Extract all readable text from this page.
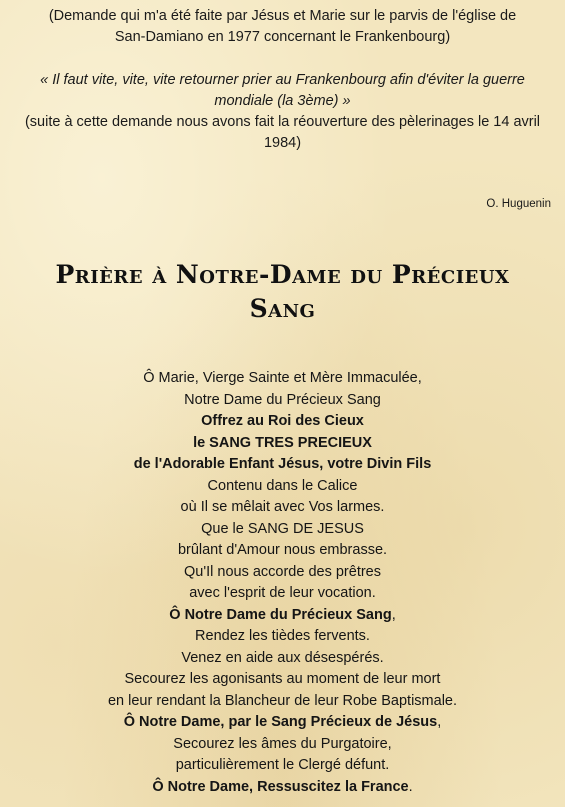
(Demande qui m'a été faite par Jésus et Marie sur le parvis de l'église de
San-Damiano en 1977 concernant le Frankenbourg)
« Il faut vite, vite, vite retourner prier au Frankenbourg afin d'éviter la guerre
mondiale (la 3ème) »
(suite à cette demande nous avons fait la réouverture des pèlerinages le 14 avril
1984)
O. Huguenin
Prière à Notre-Dame du Précieux
Sang
Ô Marie, Vierge Sainte et Mère Immaculée,
Notre Dame du Précieux Sang
Offrez au Roi des Cieux
le SANG TRES PRECIEUX
de l'Adorable Enfant Jésus, votre Divin Fils
Contenu dans le Calice
où Il se mêlait avec Vos larmes.
Que le SANG DE JESUS
brûlant d'Amour nous embrasse.
Qu'Il nous accorde des prêtres
avec l'esprit de leur vocation.
Ô Notre Dame du Précieux Sang,
Rendez les tièdes fervents.
Venez en aide aux désespérés.
Secourez les agonisants au moment de leur mort
en leur rendant la Blancheur de leur Robe Baptismale.
Ô Notre Dame, par le Sang Précieux de Jésus,
Secourez les âmes du Purgatoire,
particulièrement le Clergé défunt.
Ô Notre Dame, Ressuscitez la France.
